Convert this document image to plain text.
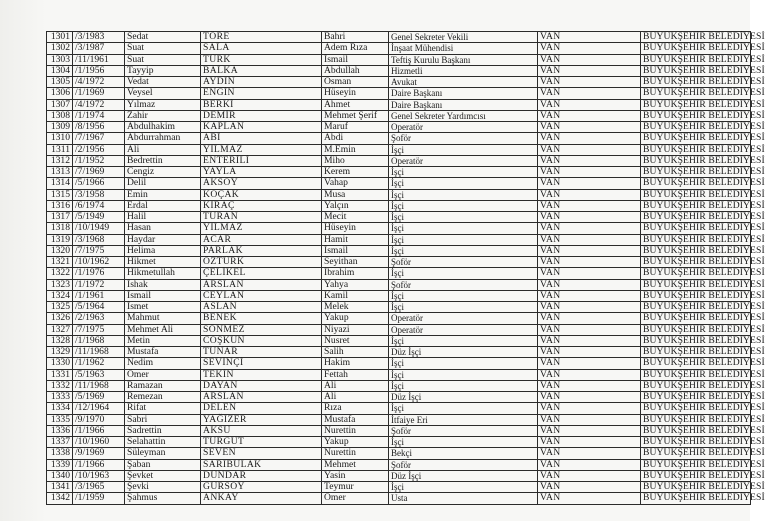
1301	/3/1983	Sedat	TÖRE	Bahri	Genel Sekreter Vekili	VAN	BÜYÜKŞEHİR BELEDİYESİ
1302	/3/1987	Suat	SALA	Adem Rıza	İnşaat Mühendisi	VAN	BÜYÜKŞEHİR BELEDİYESİ
1303	/11/1961	Suat	TÜRK	İsmail	Teftiş Kurulu Başkanı	VAN	BÜYÜKŞEHİR BELEDİYESİ
1304	/1/1956	Tayyip	BALKA	Abdullah	Hizmetli	VAN	BÜYÜKŞEHİR BELEDİYESİ
1305	/4/1972	Vedat	AYDIN	Osman	Avukat	VAN	BÜYÜKŞEHİR BELEDİYESİ
1306	/1/1969	Veysel	ENGİN	Hüseyin	Daire Başkanı	VAN	BÜYÜKŞEHİR BELEDİYESİ
1307	/4/1972	Yılmaz	BERKİ	Ahmet	Daire Başkanı	VAN	BÜYÜKŞEHİR BELEDİYESİ
1308	/1/1974	Zahir	DEMİR	Mehmet Şerif	Genel Sekreter Yardımcısı	VAN	BÜYÜKŞEHİR BELEDİYESİ
1309	/8/1956	Abdulhakim	KAPLAN	Maruf	Operatör	VAN	BÜYÜKŞEHİR BELEDİYESİ
1310	/7/1967	Abdurrahman	ABI	Abdi	Şoför	VAN	BÜYÜKŞEHİR BELEDİYESİ
1311	/2/1956	Ali	YILMAZ	M.Emin	İşçi	VAN	BÜYÜKŞEHİR BELEDİYESİ
1312	/1/1952	Bedrettin	ENTERİLİ	Miho	Operatör	VAN	BÜYÜKŞEHİR BELEDİYESİ
1313	/7/1969	Cengiz	YAYLA	Kerem	İşçi	VAN	BÜYÜKŞEHİR BELEDİYESİ
1314	/5/1966	Delil	AKSOY	Vahap	İşçi	VAN	BÜYÜKŞEHİR BELEDİYESİ
1315	/3/1958	Emin	KOÇAK	Musa	İşçi	VAN	BÜYÜKŞEHİR BELEDİYESİ
1316	/6/1974	Erdal	KIRAÇ	Yalçın	İşçi	VAN	BÜYÜKŞEHİR BELEDİYESİ
1317	/5/1949	Halil	TURAN	Mecit	İşçi	VAN	BÜYÜKŞEHİR BELEDİYESİ
1318	/10/1949	Hasan	YILMAZ	Hüseyin	İşçi	VAN	BÜYÜKŞEHİR BELEDİYESİ
1319	/3/1968	Haydar	ACAR	Hamit	İşçi	VAN	BÜYÜKŞEHİR BELEDİYESİ
1320	/7/1975	Helima	PARLAK	İsmail	İşçi	VAN	BÜYÜKŞEHİR BELEDİYESİ
1321	/10/1962	Hikmet	ÖZTÜRK	Seyithan	Şoför	VAN	BÜYÜKŞEHİR BELEDİYESİ
1322	/1/1976	Hikmetullah	ÇELİKEL	İbrahim	İşçi	VAN	BÜYÜKŞEHİR BELEDİYESİ
1323	/1/1972	İshak	ARSLAN	Yahya	Şoför	VAN	BÜYÜKŞEHİR BELEDİYESİ
1324	/1/1961	İsmail	CEYLAN	Kamil	İşçi	VAN	BÜYÜKŞEHİR BELEDİYESİ
1325	/5/1964	İsmet	ASLAN	Melek	İşçi	VAN	BÜYÜKŞEHİR BELEDİYESİ
1326	/2/1963	Mahmut	BENEK	Yakup	Operatör	VAN	BÜYÜKŞEHİR BELEDİYESİ
1327	/7/1975	Mehmet Ali	SÖNMEZ	Niyazi	Operatör	VAN	BÜYÜKŞEHİR BELEDİYESİ
1328	/1/1968	Metin	COŞKUN	Nusret	İşçi	VAN	BÜYÜKŞEHİR BELEDİYESİ
1329	/11/1968	Mustafa	TUNAR	Salih	Düz İşçi	VAN	BÜYÜKŞEHİR BELEDİYESİ
1330	/1/1962	Nedim	SEVİNÇİ	Hakim	İşçi	VAN	BÜYÜKŞEHİR BELEDİYESİ
1331	/5/1963	Ömer	TEKİN	Fettah	İşçi	VAN	BÜYÜKŞEHİR BELEDİYESİ
1332	/11/1968	Ramazan	DAYAN	Ali	İşçi	VAN	BÜYÜKŞEHİR BELEDİYESİ
1333	/5/1969	Remezan	ARSLAN	Ali	Düz İşçi	VAN	BÜYÜKŞEHİR BELEDİYESİ
1334	/12/1964	Rifat	DELEN	Rıza	İşçi	VAN	BÜYÜKŞEHİR BELEDİYESİ
1335	/9/1970	Sabri	YAĞIZER	Mustafa	İtfaiye Eri	VAN	BÜYÜKŞEHİR BELEDİYESİ
1336	/1/1966	Sadrettin	AKSU	Nurettin	Şoför	VAN	BÜYÜKŞEHİR BELEDİYESİ
1337	/10/1960	Selahattin	TURGUT	Yakup	İşçi	VAN	BÜYÜKŞEHİR BELEDİYESİ
1338	/9/1969	Süleyman	SEVEN	Nurettin	Bekçi	VAN	BÜYÜKŞEHİR BELEDİYESİ
1339	/1/1966	Şaban	SARIBULAK	Mehmet	Şoför	VAN	BÜYÜKŞEHİR BELEDİYESİ
1340	/10/1963	Şevket	DÜNDAR	Yasin	Düz İşçi	VAN	BÜYÜKŞEHİR BELEDİYESİ
1341	/3/1965	Şevki	GÜRSOY	Teymur	İşçi	VAN	BÜYÜKŞEHİR BELEDİYESİ
1342	/1/1959	Şahmus	ANKAY	Ömer	Usta	VAN	BÜYÜKŞEHİR BELEDİYESİ
